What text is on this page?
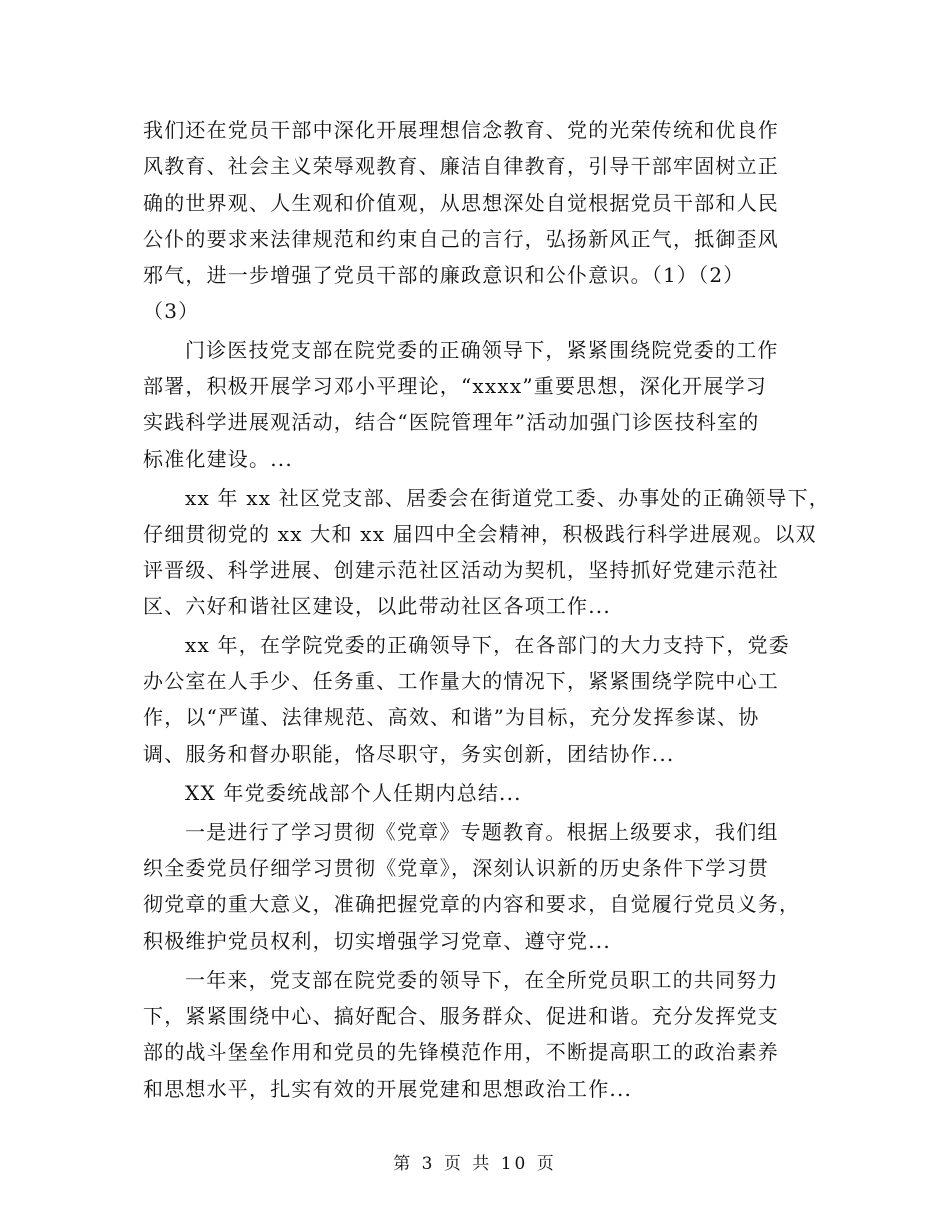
我们还在党员干部中深化开展理想信念教育、党的光荣传统和优良作
风教育、社会主义荣辱观教育、廉洁自律教育，引导干部牢固树立正
确的世界观、人生观和价值观，从思想深处自觉根据党员干部和人民
公仆的要求来法律规范和约束自己的言行，弘扬新风正气，抵御歪风
邪气，进一步增强了党员干部的廉政意识和公仆意识。（1）（2）
（3）
门诊医技党支部在院党委的正确领导下，紧紧围绕院党委的工作
部署，积极开展学习邓小平理论，“xxxx”重要思想，深化开展学习
实践科学进展观活动，结合“医院管理年”活动加强门诊医技科室的
标准化建设。...
xx 年 xx 社区党支部、居委会在街道党工委、办事处的正确领导下，
仔细贯彻党的 xx 大和 xx 届四中全会精神，积极践行科学进展观。以双
评晋级、科学进展、创建示范社区活动为契机，坚持抓好党建示范社
区、六好和谐社区建设，以此带动社区各项工作...
xx 年，在学院党委的正确领导下，在各部门的大力支持下，党委
办公室在人手少、任务重、工作量大的情况下，紧紧围绕学院中心工
作，以“严谨、法律规范、高效、和谐”为目标，充分发挥参谋、协
调、服务和督办职能，恪尽职守，务实创新，团结协作...
XX 年党委统战部个人任期内总结...
一是进行了学习贯彻《党章》专题教育。根据上级要求，我们组
织全委党员仔细学习贯彻《党章》，深刻认识新的历史条件下学习贯
彻党章的重大意义，准确把握党章的内容和要求，自觉履行党员义务，
积极维护党员权利，切实增强学习党章、遵守党...
一年来，党支部在院党委的领导下，在全所党员职工的共同努力
下，紧紧围绕中心、搞好配合、服务群众、促进和谐。充分发挥党支
部的战斗堡垒作用和党员的先锋模范作用，不断提高职工的政治素养
和思想水平，扎实有效的开展党建和思想政治工作...
第 3 页 共 10 页
